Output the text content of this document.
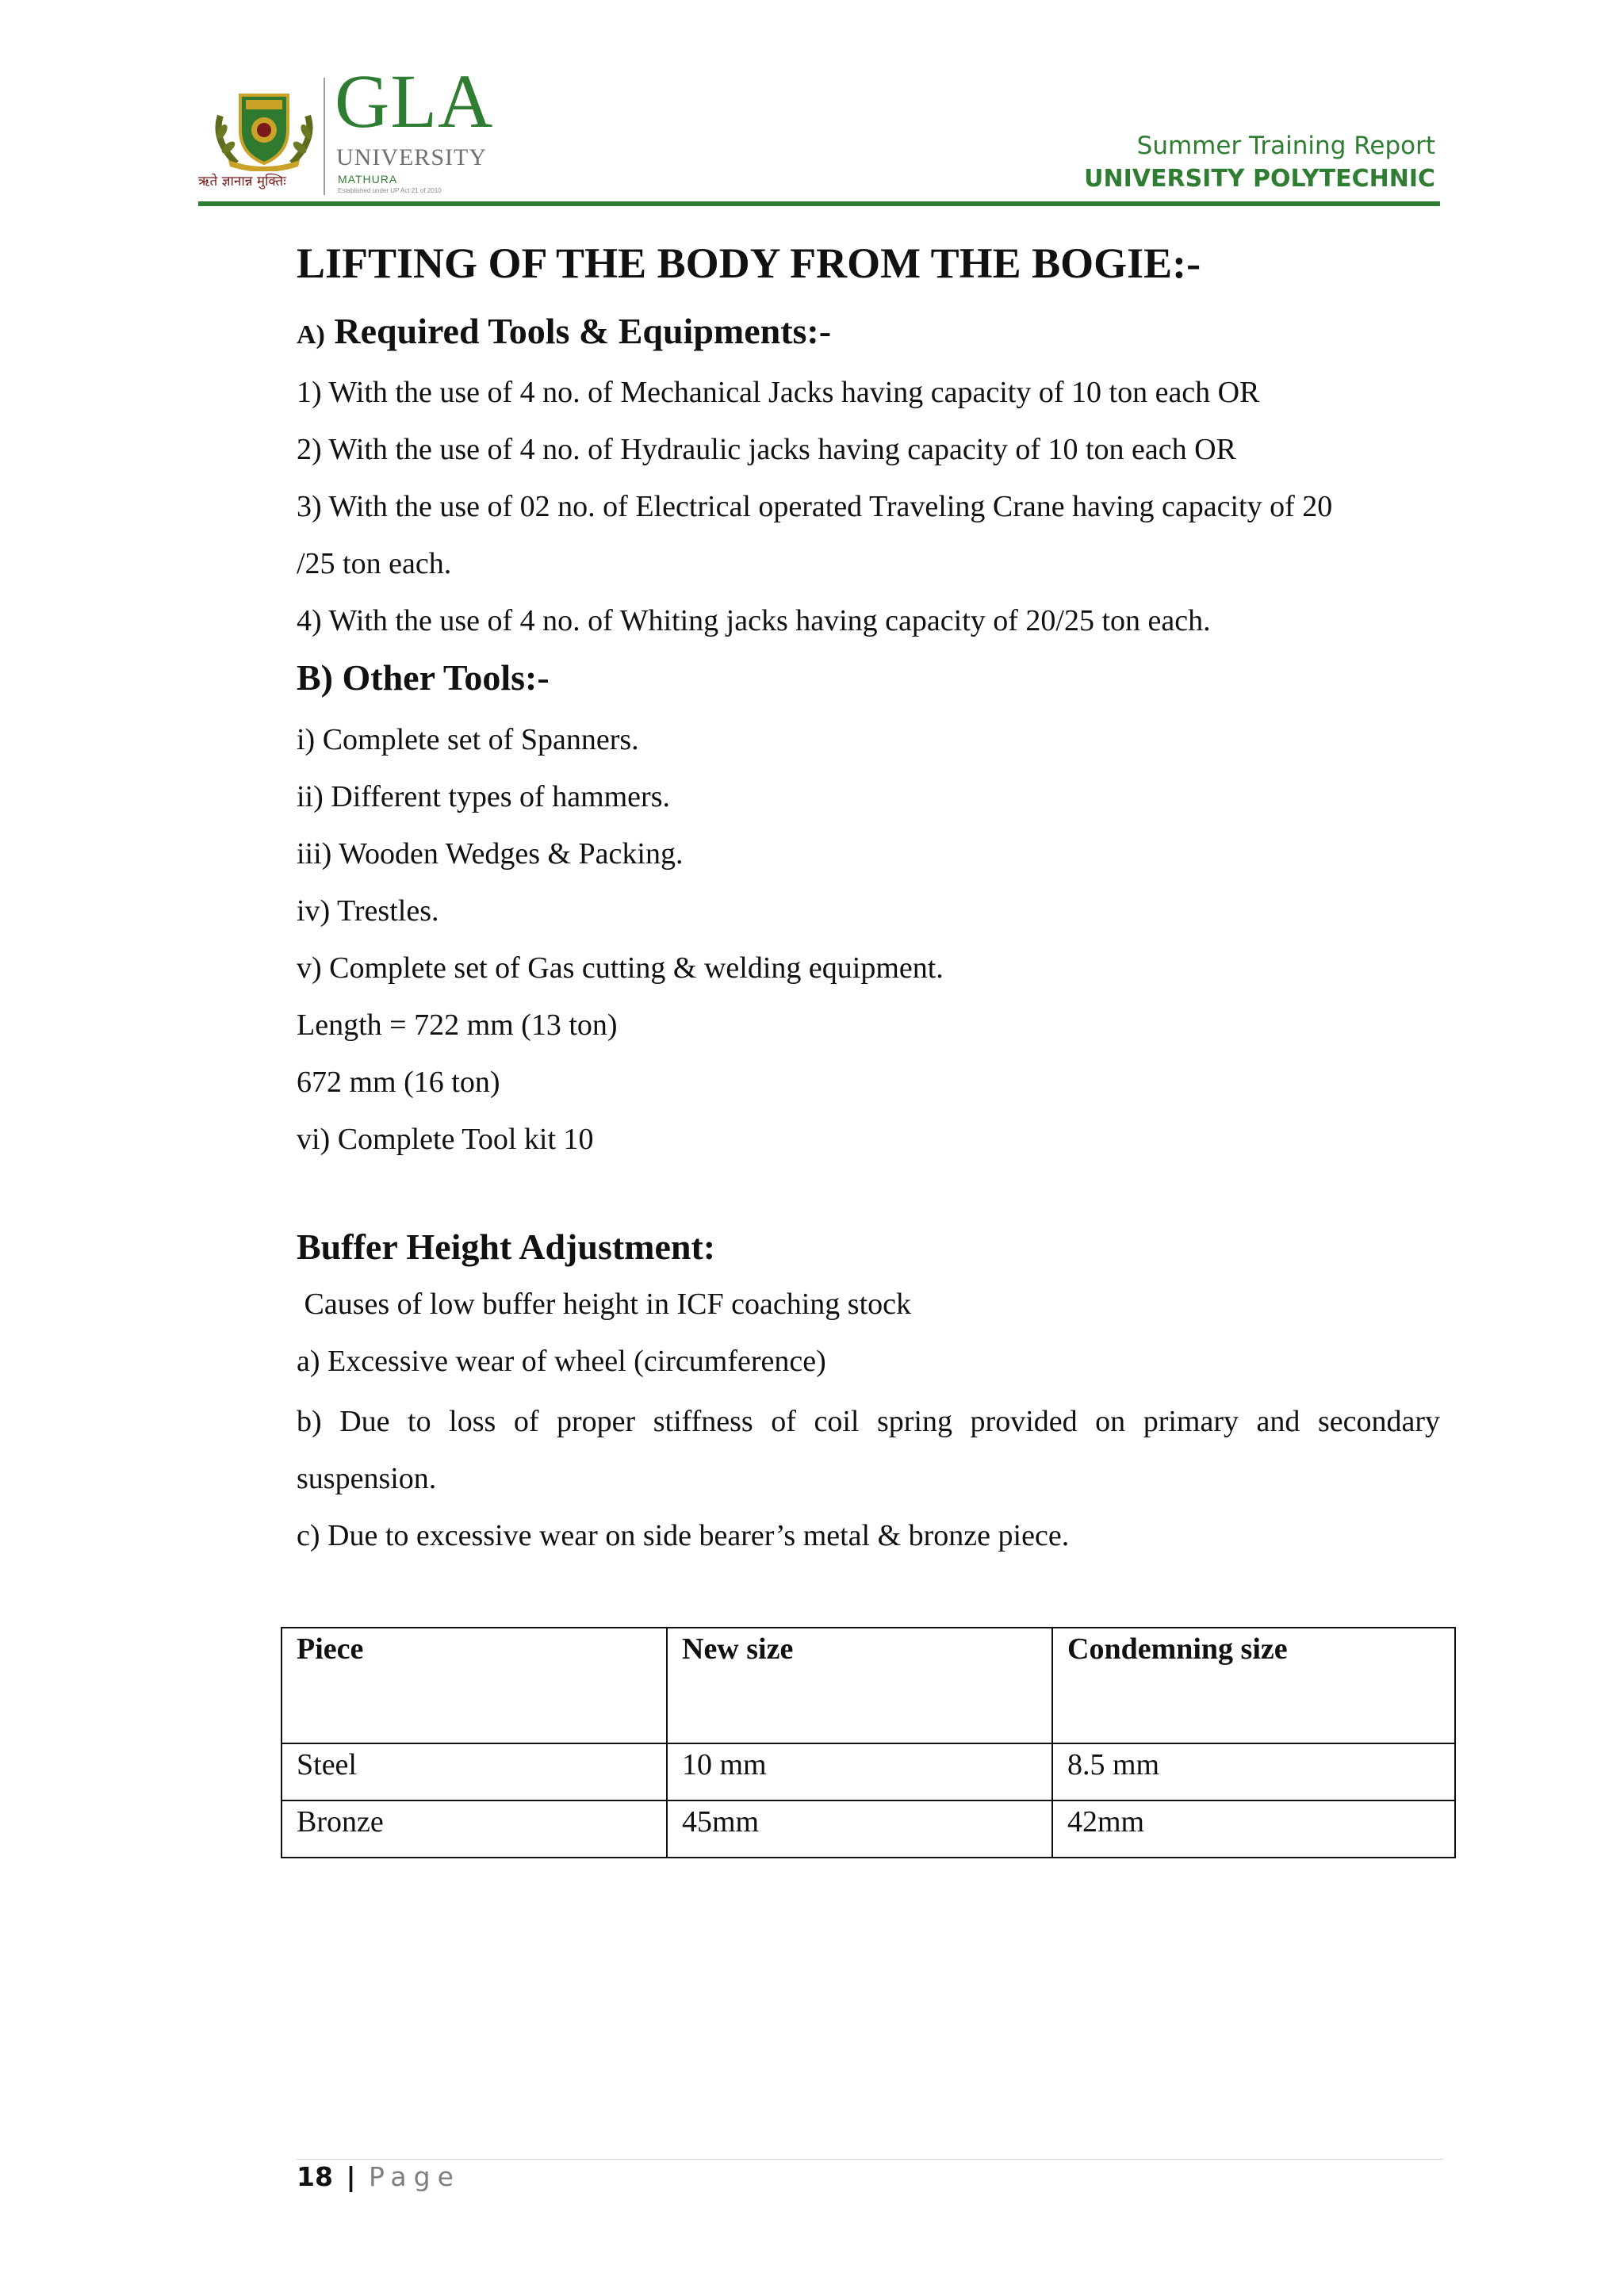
ऋते ज्ञानान्न मुक्तिः
GLA
UNIVERSITY
MATHURA
Established under UP Act 21 of 2010
Summer Training Report
UNIVERSITY POLYTECHNIC
LIFTING OF THE BODY FROM THE BOGIE:-
A) Required Tools & Equipments:-

1) With the use of 4 no. of Mechanical Jacks having capacity of 10 ton each OR

2) With the use of 4 no. of Hydraulic jacks having capacity of 10 ton each OR

3) With the use of 02 no. of Electrical operated Traveling Crane having capacity of 20

/25 ton each.

4) With the use of 4 no. of Whiting jacks having capacity of 20/25 ton each.

B) Other Tools:-

i) Complete set of Spanners.

ii) Different types of hammers.

iii) Wooden Wedges & Packing.

iv) Trestles.

v) Complete set of Gas cutting & welding equipment.

Length = 722 mm (13 ton)

672 mm (16 ton)

vi) Complete Tool kit 10

Buffer Height Adjustment:

Causes of low buffer height in ICF coaching stock

a) Excessive wear of wheel (circumference)

b) Due to loss of proper stiffness of coil spring provided on primary and secondary

suspension.

c) Due to excessive wear on side bearer’s metal & bronze piece.

Piece	New size	Condemning size
Steel	10 mm	8.5 mm
Bronze	45mm	42mm
18 | Page
